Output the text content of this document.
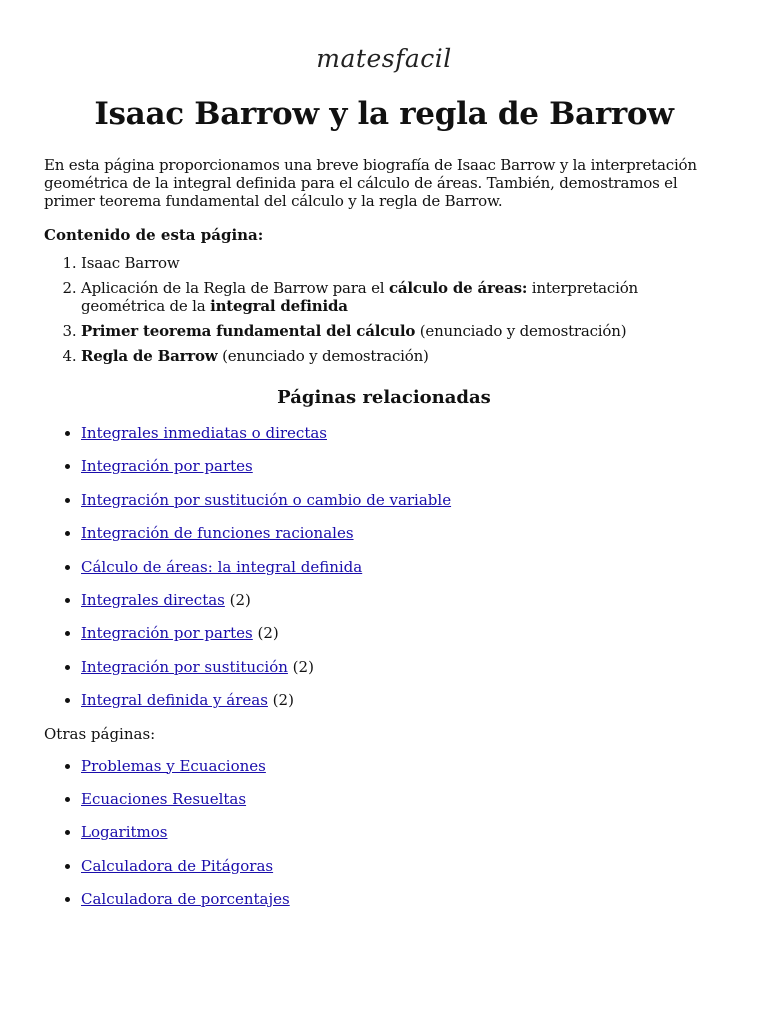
matesfacil
Isaac Barrow y la regla de Barrow

En esta página proporcionamos una breve biografía de Isaac Barrow y la interpretación geométrica de la integral definida para el cálculo de áreas. También, demostramos el primer teorema fundamental del cálculo y la regla de Barrow.

Contenido de esta página:
1. Isaac Barrow
2. Aplicación de la Regla de Barrow para el cálculo de áreas: interpretación geométrica de la integral definida
3. Primer teorema fundamental del cálculo (enunciado y demostración)
4. Regla de Barrow (enunciado y demostración)
Páginas relacionadas
• Integrales inmediatas o directas
• Integración por partes
• Integración por sustitución o cambio de variable
• Integración de funciones racionales
• Cálculo de áreas: la integral definida
• Integrales directas (2)
• Integración por partes (2)
• Integración por sustitución (2)
• Integral definida y áreas (2)

Otras páginas:

• Problemas y Ecuaciones
• Ecuaciones Resueltas
• Logaritmos
• Calculadora de Pitágoras
• Calculadora de porcentajes
